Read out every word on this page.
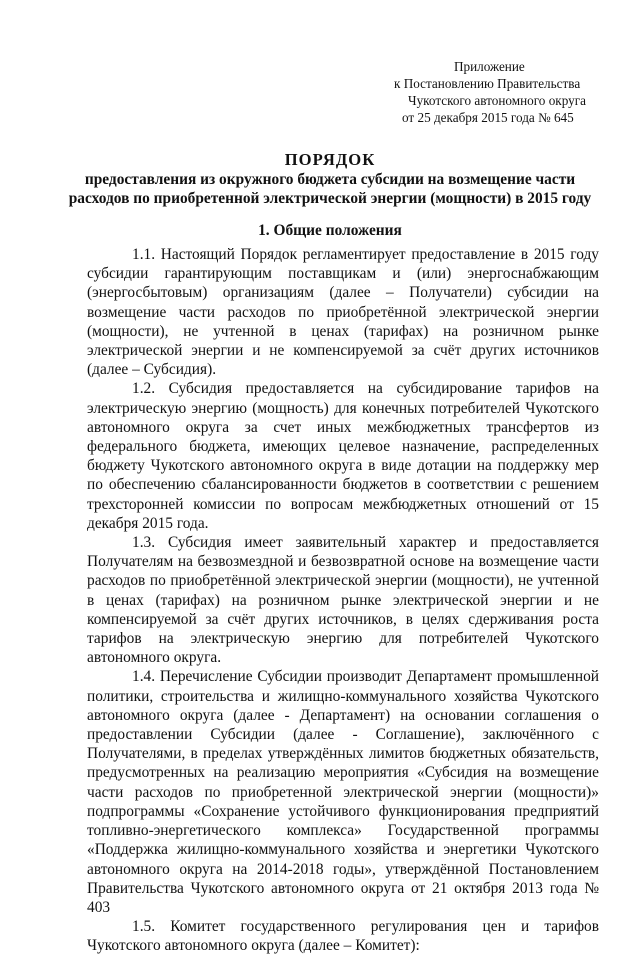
Приложение
к Постановлению Правительства
Чукотского автономного округа
от 25 декабря 2015 года № 645
ПОРЯДОК
предоставления из окружного бюджета субсидии на возмещение части
расходов по приобретенной электрической энергии (мощности) в 2015 году
1. Общие положения

1.1. Настоящий Порядок регламентирует предоставление в 2015 году субсидии гарантирующим поставщикам и (или) энергоснабжающим (энергосбытовым) организациям (далее – Получатели) субсидии на возмещение части расходов по приобретённой электрической энергии (мощности), не учтенной в ценах (тарифах) на розничном рынке электрической энергии и не компенсируемой за счёт других источников (далее – Субсидия).

1.2. Субсидия предоставляется на субсидирование тарифов на электрическую энергию (мощность) для конечных потребителей Чукотского автономного округа за счет иных межбюджетных трансфертов из федерального бюджета, имеющих целевое назначение, распределенных бюджету Чукотского автономного округа в виде дотации на поддержку мер по обеспечению сбалансированности бюджетов в соответствии с решением трехсторонней комиссии по вопросам межбюджетных отношений от 15 декабря 2015 года.

1.3. Субсидия имеет заявительный характер и предоставляется Получателям на безвозмездной и безвозвратной основе на возмещение части расходов по приобретённой электрической энергии (мощности), не учтенной в ценах (тарифах) на розничном рынке электрической энергии и не компенсируемой за счёт других источников, в целях сдерживания роста тарифов на электрическую энергию для потребителей Чукотского автономного округа.

1.4. Перечисление Субсидии производит Департамент промышленной политики, строительства и жилищно-коммунального хозяйства Чукотского автономного округа (далее - Департамент) на основании соглашения о предоставлении Субсидии (далее - Соглашение), заключённого с Получателями, в пределах утверждённых лимитов бюджетных обязательств, предусмотренных на реализацию мероприятия «Субсидия на возмещение части расходов по приобретенной электрической энергии (мощности)» подпрограммы «Сохранение устойчивого функционирования предприятий топливно-энергетического комплекса» Государственной программы «Поддержка жилищно-коммунального хозяйства и энергетики Чукотского автономного округа на 2014-2018 годы», утверждённой Постановлением Правительства Чукотского автономного округа от 21 октября 2013 года № 403

1.5. Комитет государственного регулирования цен и тарифов Чукотского автономного округа (далее – Комитет):
